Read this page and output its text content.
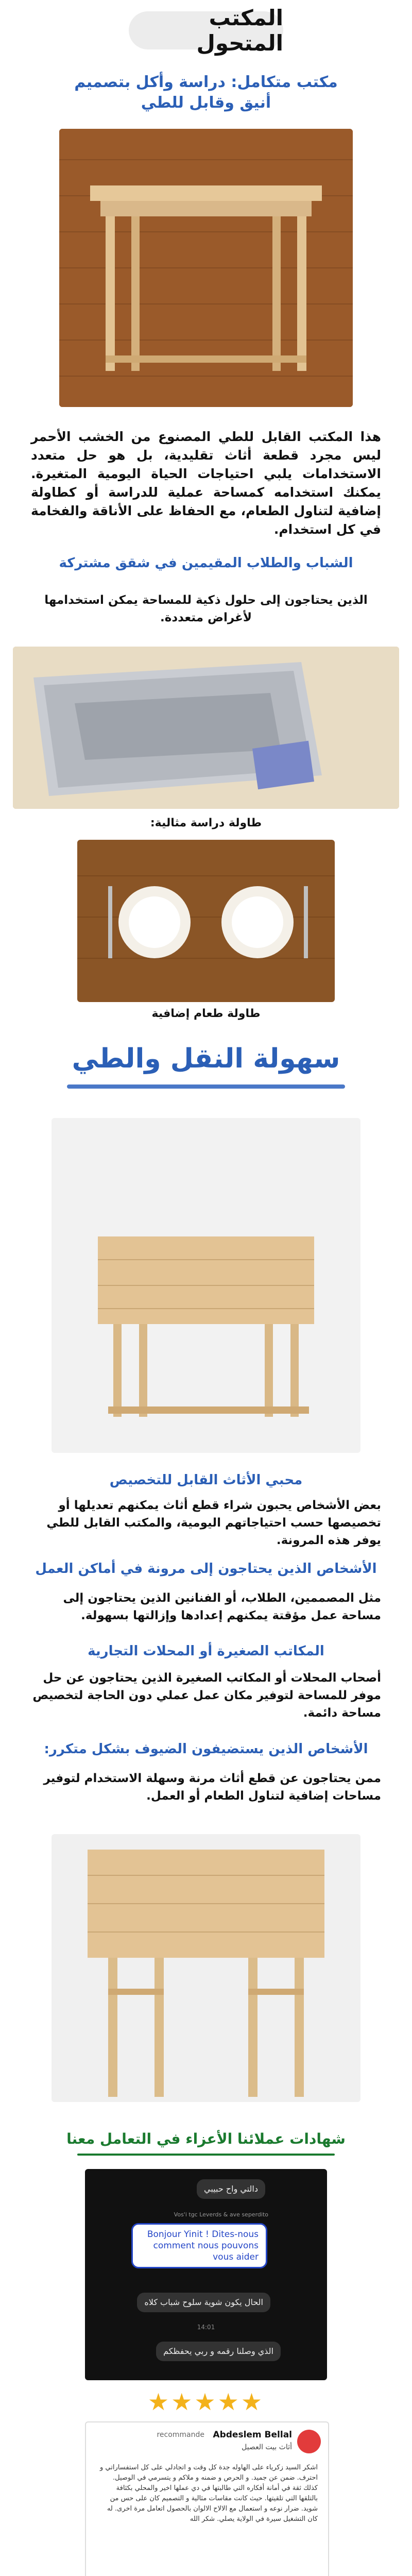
المكتب المتحول
مكتب متكامل: دراسة وأكل بتصميم أنيق وقابل للطي
هذا المكتب القابل للطي المصنوع من الخشب الأحمر ليس مجرد قطعة أثاث تقليدية، بل هو حل متعدد الاستخدامات يلبي احتياجات الحياة اليومية المتغيرة. يمكنك استخدامه كمساحة عملية للدراسة أو كطاولة إضافية لتناول الطعام، مع الحفاظ على الأناقة والفخامة في كل استخدام.
الشباب والطلاب المقيمين في شقق مشتركة
الذين يحتاجون إلى حلول ذكية للمساحة يمكن استخدامها لأغراض متعددة.
طاولة دراسة مثالية:
طاولة طعام إضافية
سهولة النقل والطي
محبي الأثاث القابل للتخصيص
بعض الأشخاص يحبون شراء قطع أثاث يمكنهم تعديلها أو تخصيصها حسب احتياجاتهم اليومية، والمكتب القابل للطي يوفر هذه المرونة.
الأشخاص الذين يحتاجون إلى مرونة في أماكن العمل
مثل المصممين، الطلاب، أو الفنانين الذين يحتاجون إلى مساحة عمل مؤقتة يمكنهم إعدادها وإزالتها بسهولة.
المكاتب الصغيرة أو المحلات التجارية
أصحاب المحلات أو المكاتب الصغيرة الذين يحتاجون عن حل موفر للمساحة لتوفير مكان عمل عملي دون الحاجة لتخصيص مساحة دائمة.
الأشخاص الذين يستضيفون الضيوف بشكل متكرر:
ممن يحتاجون عن قطع أثاث مرنة وسهلة الاستخدام لتوفير مساحات إضافية لتناول الطعام أو العمل.
شهادات عملائنا الأعزاء في التعامل معنا
دالتي واح حبيبي
Vos'i tgc Leverds & ave seperdito
Bonjour Yinit ! Dites-nous comment nous pouvons vous aider
الحال يكون شوية سلوح شباب كلاه
14:01
الذي وصلنا رقمه و ربي يحفظكم
★★★★★
Abdeslem Bellal
recommande
أثاث بيت العصيل
اشكر السيد زكرياء على الهاوله جدة كل وقت و اتجادلي على كل استفساراتي و احترف. ضمن عن جميد. و الحرص و ضمنه و ملاكم و يتسرمي في الوصيل. كذلك ثقة في أمانة أفكاره التي طالبتها في دي عملها اخير والمحلي بكثافة بالتلقها التي تلقيتها. حيث كانت مقاسات مثالية و التصميم كان على حس من شويد. ضرار نوعه و استعمال مع الالاح الالوان بالحصول اتعامل مرة اخرى. له كان التشغيل سيرة في الولاية يصلي. شكر الله
